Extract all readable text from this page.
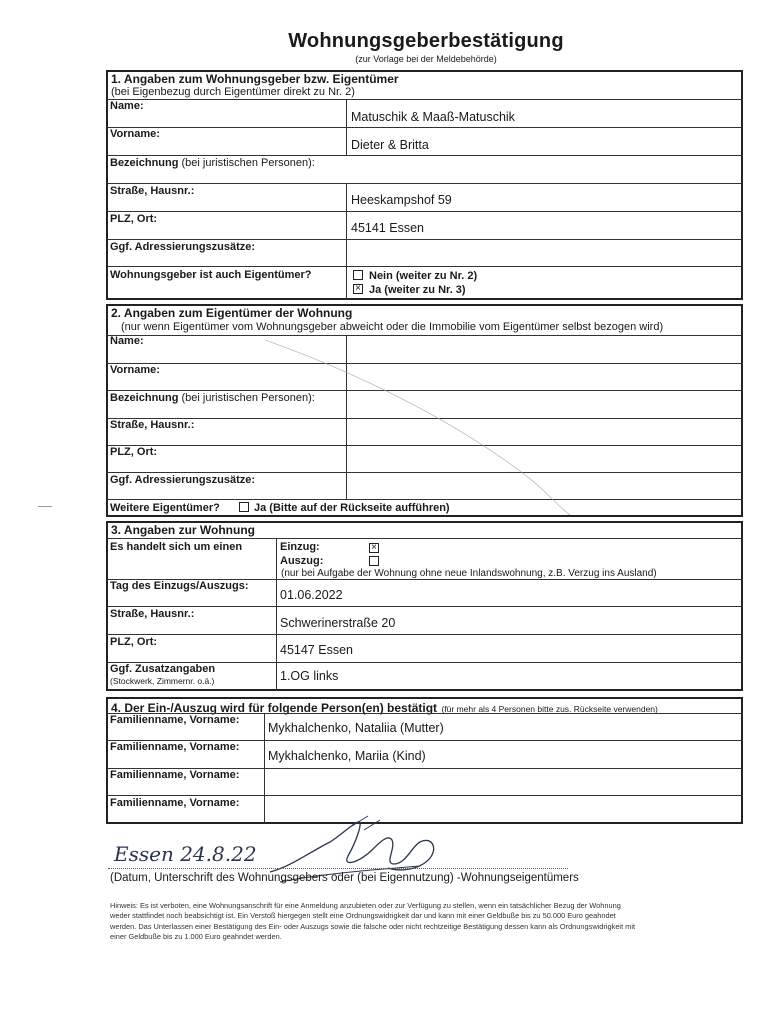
Wohnungsgeberbestätigung
(zur Vorlage bei der Meldebehörde)
1. Angaben zum Wohnungsgeber bzw. Eigentümer
(bei Eigenbezug durch Eigentümer direkt zu Nr. 2)
Name:
Matuschik & Maaß-Matuschik
Vorname:
Dieter & Britta
Bezeichnung (bei juristischen Personen):
Straße, Hausnr.:
Heeskampshof 59
PLZ, Ort:
45141 Essen
Ggf. Adressierungszusätze:
Wohnungsgeber ist auch Eigentümer?	Nein (weiter zu Nr. 2)
× Ja (weiter zu Nr. 3)
2. Angaben zum Eigentümer der Wohnung
(nur wenn Eigentümer vom Wohnungsgeber abweicht oder die Immobilie vom Eigentümer selbst bezogen wird)
Name:
Vorname:
Bezeichnung (bei juristischen Personen):
Straße, Hausnr.:
PLZ, Ort:
Ggf. Adressierungszusätze:
Weitere Eigentümer?	Ja (Bitte auf der Rückseite aufführen)
3. Angaben zur Wohnung
Es handelt sich um einen	Einzug:	×
Auszug:
(nur bei Aufgabe der Wohnung ohne neue Inlandswohnung, z.B. Verzug ins Ausland)
Tag des Einzugs/Auszugs:
01.06.2022
Straße, Hausnr.:
Schwerinerstraße 20
PLZ, Ort:
45147 Essen
Ggf. Zusatzangaben
(Stockwerk, Zimmernr. o.ä.)	1.OG links
4. Der Ein-/Auszug wird für folgende Person(en) bestätigt (für mehr als 4 Personen bitte zus. Rückseite verwenden)
Familienname, Vorname:
Mykhalchenko, Nataliia (Mutter)
Familienname, Vorname:
Mykhalchenko, Mariia (Kind)
Familienname, Vorname:
Familienname, Vorname:
Essen 24.8.22
(Datum, Unterschrift des Wohnungsgebers oder (bei Eigennutzung) -Wohnungseigentümers
Hinweis: Es ist verboten, eine Wohnungsanschrift für eine Anmeldung anzubieten oder zur Verfügung zu stellen, wenn ein tatsächlicher Bezug der Wohnung
weder stattfindet noch beabsichtigt ist. Ein Verstoß hiergegen stellt eine Ordnungswidrigkeit dar und kann mit einer Geldbuße bis zu 50.000 Euro geahndet
werden. Das Unterlassen einer Bestätigung des Ein- oder Auszugs sowie die falsche oder nicht rechtzeitige Bestätigung dessen kann als Ordnungswidrigkeit mit
einer Geldbuße bis zu 1.000 Euro geahndet werden.
